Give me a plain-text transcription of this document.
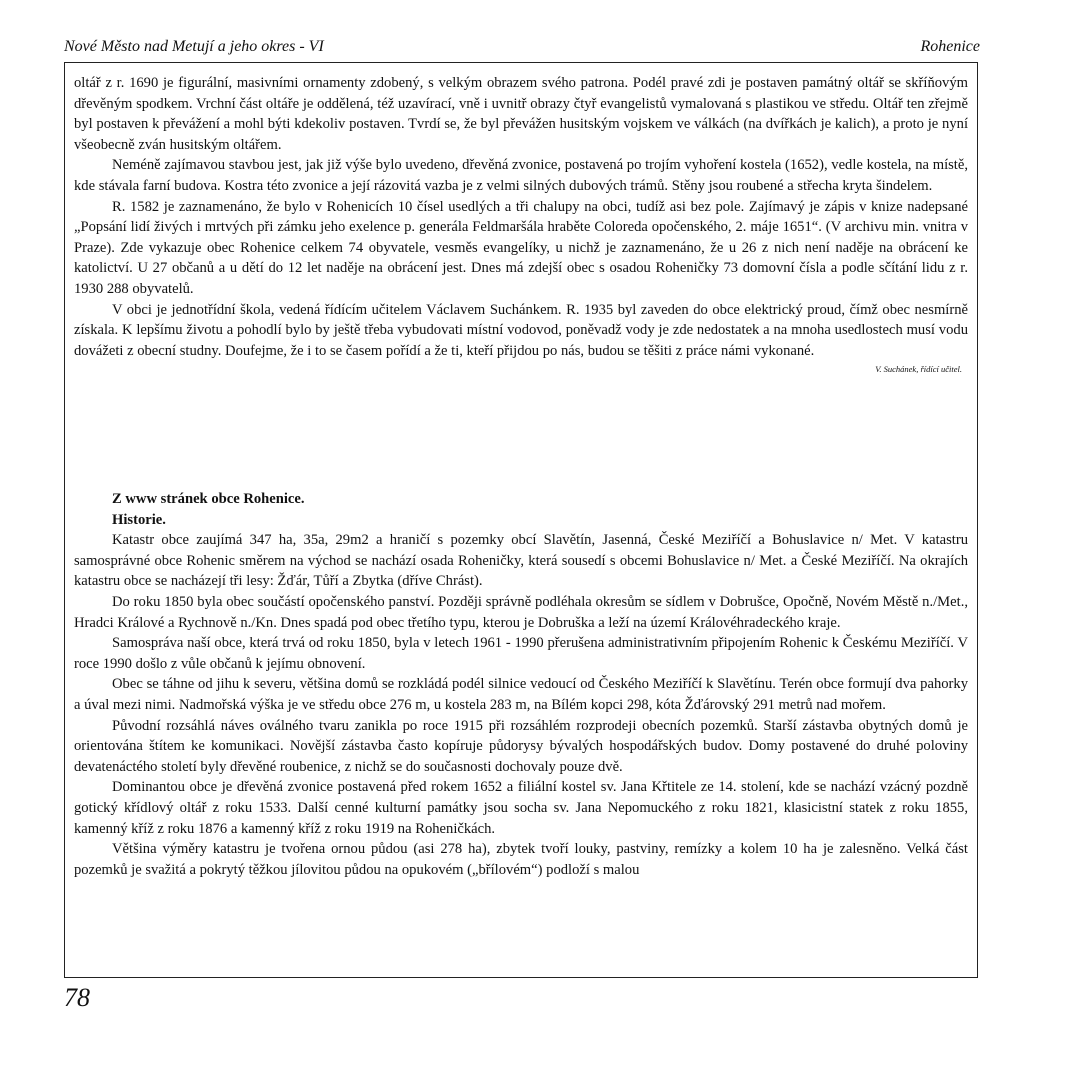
Nové Město nad Metují a jeho okres - VI	Rohenice

oltář z r. 1690 je figurální, masivními ornamenty zdobený, s velkým obrazem svého patrona. Podél pravé zdi je postaven památný oltář se skříňovým dřevěným spodkem. Vrchní část oltáře je oddělená, též uzavírací, vně i uvnitř obrazy čtyř evangelistů vymalovaná s plastikou ve středu. Oltář ten zřejmě byl postaven k převážení a mohl býti kdekoliv postaven. Tvrdí se, že byl převážen husitským vojskem ve válkách (na dvířkách je kalich), a proto je nyní všeobecně zván husitským oltářem.

Neméně zajímavou stavbou jest, jak již výše bylo uvedeno, dřevěná zvonice, postavená po trojím vyhoření kostela (1652), vedle kostela, na místě, kde stávala farní budova. Kostra této zvonice a její rázovitá vazba je z velmi silných dubových trámů. Stěny jsou roubené a střecha kryta šindelem.

R. 1582 je zaznamenáno, že bylo v Rohenicích 10 čísel usedlých a tři chalupy na obci, tudíž asi bez pole. Zajímavý je zápis v knize nadepsané „Popsání lidí živých i mrtvých při zámku jeho exelence p. generála Feldmaršála hraběte Coloreda opočenského, 2. máje 1651“. (V archivu min. vnitra v Praze). Zde vykazuje obec Rohenice celkem 74 obyvatele, vesměs evangelíky, u nichž je zaznamenáno, že u 26 z nich není naděje na obrácení ke katolictví. U 27 občanů a u dětí do 12 let naděje na obrácení jest. Dnes má zdejší obec s osadou Roheničky 73 domovní čísla a podle sčítání lidu z r. 1930 288 obyvatelů.

V obci je jednotřídní škola, vedená řídícím učitelem Václavem Suchánkem. R. 1935 byl zaveden do obce elektrický proud, čímž obec nesmírně získala. K lepšímu životu a pohodlí bylo by ještě třeba vybudovati místní vodovod, poněvadž vody je zde nedostatek a na mnoha usedlostech musí vodu dovážeti z obecní studny. Doufejme, že i to se časem pořídí a že ti, kteří přijdou po nás, budou se těšiti z práce námi vykonané.

V. Suchánek, řídící učitel.

Z www stránek obce Rohenice.

Historie.

Katastr obce zaujímá 347 ha, 35a, 29m2 a hraničí s pozemky obcí Slavětín, Jasenná, České Meziříčí a Bohuslavice n/ Met. V katastru samosprávné obce Rohenic směrem na východ se nachází osada Roheničky, která sousedí s obcemi Bohuslavice n/ Met. a České Meziříčí. Na okrajích katastru obce se nacházejí tři lesy: Žďár, Tůří a Zbytka (dříve Chrást).

Do roku 1850 byla obec součástí opočenského panství. Později správně podléhala okresům se sídlem v Dobrušce, Opočně, Novém Městě n./Met., Hradci Králové a Rychnově n./Kn. Dnes spadá pod obec třetího typu, kterou je Dobruška a leží na území Královéhradeckého kraje.

Samospráva naší obce, která trvá od roku 1850, byla v letech 1961 - 1990 přerušena administrativním připojením Rohenic k Českému Meziříčí. V roce 1990 došlo z vůle občanů k jejímu obnovení.

Obec se táhne od jihu k severu, většina domů se rozkládá podél silnice vedoucí od Českého Meziříčí k Slavětínu. Terén obce formují dva pahorky a úval mezi nimi. Nadmořská výška je ve středu obce 276 m, u kostela 283 m, na Bílém kopci 298, kóta Žďárovský 291 metrů nad mořem.

Původní rozsáhlá náves oválného tvaru zanikla po roce 1915 při rozsáhlém rozprodeji obecních pozemků. Starší zástavba obytných domů je orientována štítem ke komunikaci. Novější zástavba často kopíruje půdorysy bývalých hospodářských budov. Domy postavené do druhé poloviny devatenáctého století byly dřevěné roubenice, z nichž se do současnosti dochovaly pouze dvě.

Dominantou obce je dřevěná zvonice postavená před rokem 1652 a filiální kostel sv. Jana Křtitele ze 14. stolení, kde se nachází vzácný pozdně gotický křídlový oltář z roku 1533. Další cenné kulturní památky jsou socha sv. Jana Nepomuckého z roku 1821, klasicistní statek z roku 1855, kamenný kříž z roku 1876 a kamenný kříž z roku 1919 na Roheničkách.

Většina výměry katastru je tvořena ornou půdou (asi 278 ha), zbytek tvoří louky, pastviny, remízky a kolem 10 ha je zalesněno. Velká část pozemků je svažitá a pokrytý těžkou jílovitou půdou na opukovém („břílovém“) podloží s malou

78
